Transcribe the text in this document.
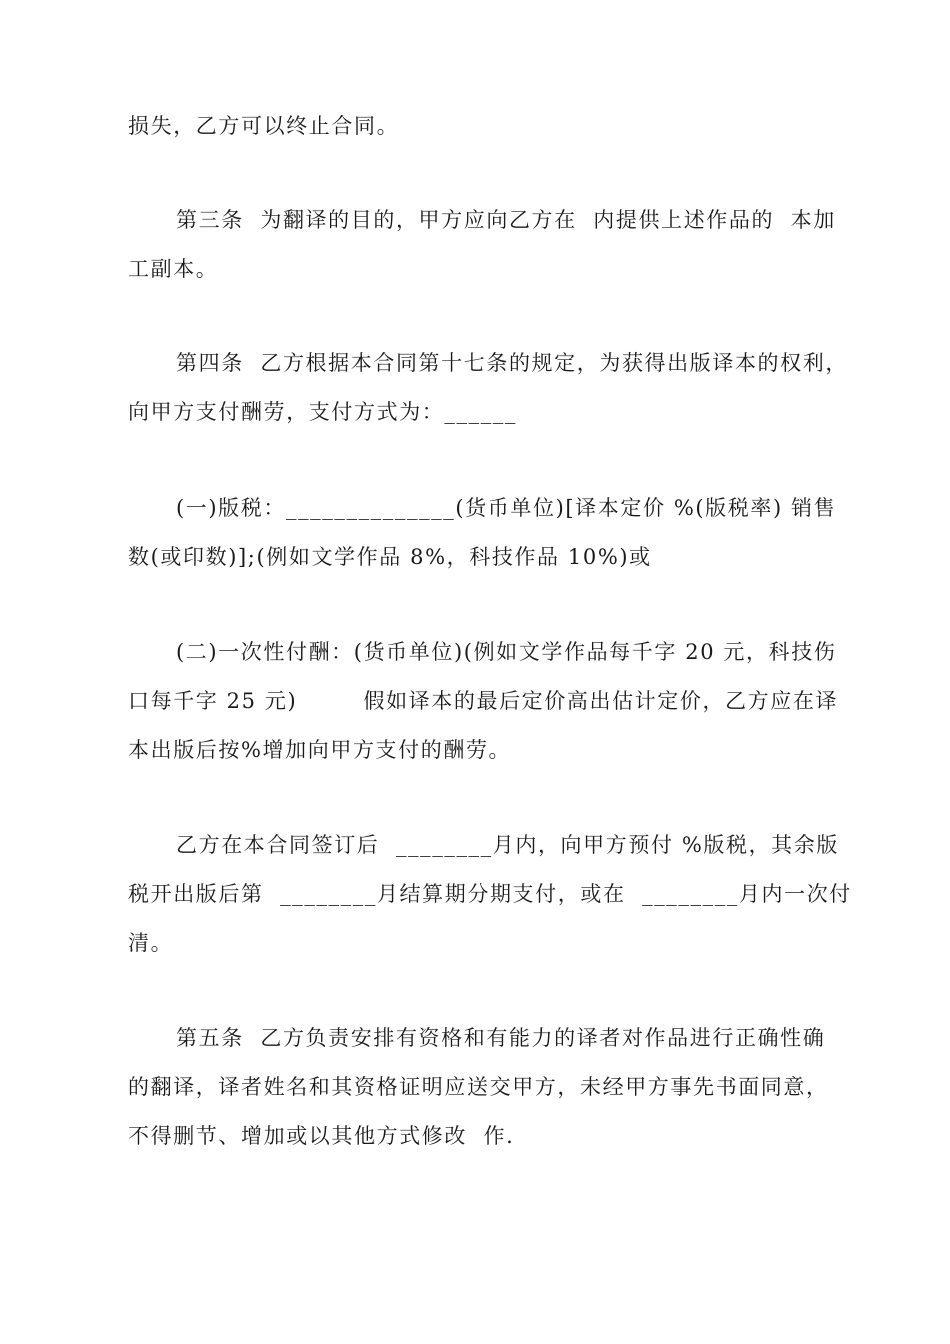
损失，乙方可以终止合同。
第三条  为翻译的目的，甲方应向乙方在  内提供上述作品的  本加
工副本。
第四条  乙方根据本合同第十七条的规定，为获得出版译本的权利，
向甲方支付酬劳，支付方式为：______
(一)版税：______________(货币单位)[译本定价 %(版税率) 销售
数(或印数)];(例如文学作品 8%，科技作品 10%)或
(二)一次性付酬：(货币单位)(例如文学作品每千字 20 元，科技伤
口每千字 25 元)        假如译本的最后定价高出估计定价，乙方应在译
本出版后按%增加向甲方支付的酬劳。
乙方在本合同签订后  ________月内，向甲方预付 %版税，其余版
税开出版后第  ________月结算期分期支付，或在  ________月内一次付
清。
第五条  乙方负责安排有资格和有能力的译者对作品进行正确性确
的翻译，译者姓名和其资格证明应送交甲方，未经甲方事先书面同意，
不得删节、增加或以其他方式修改  作.
